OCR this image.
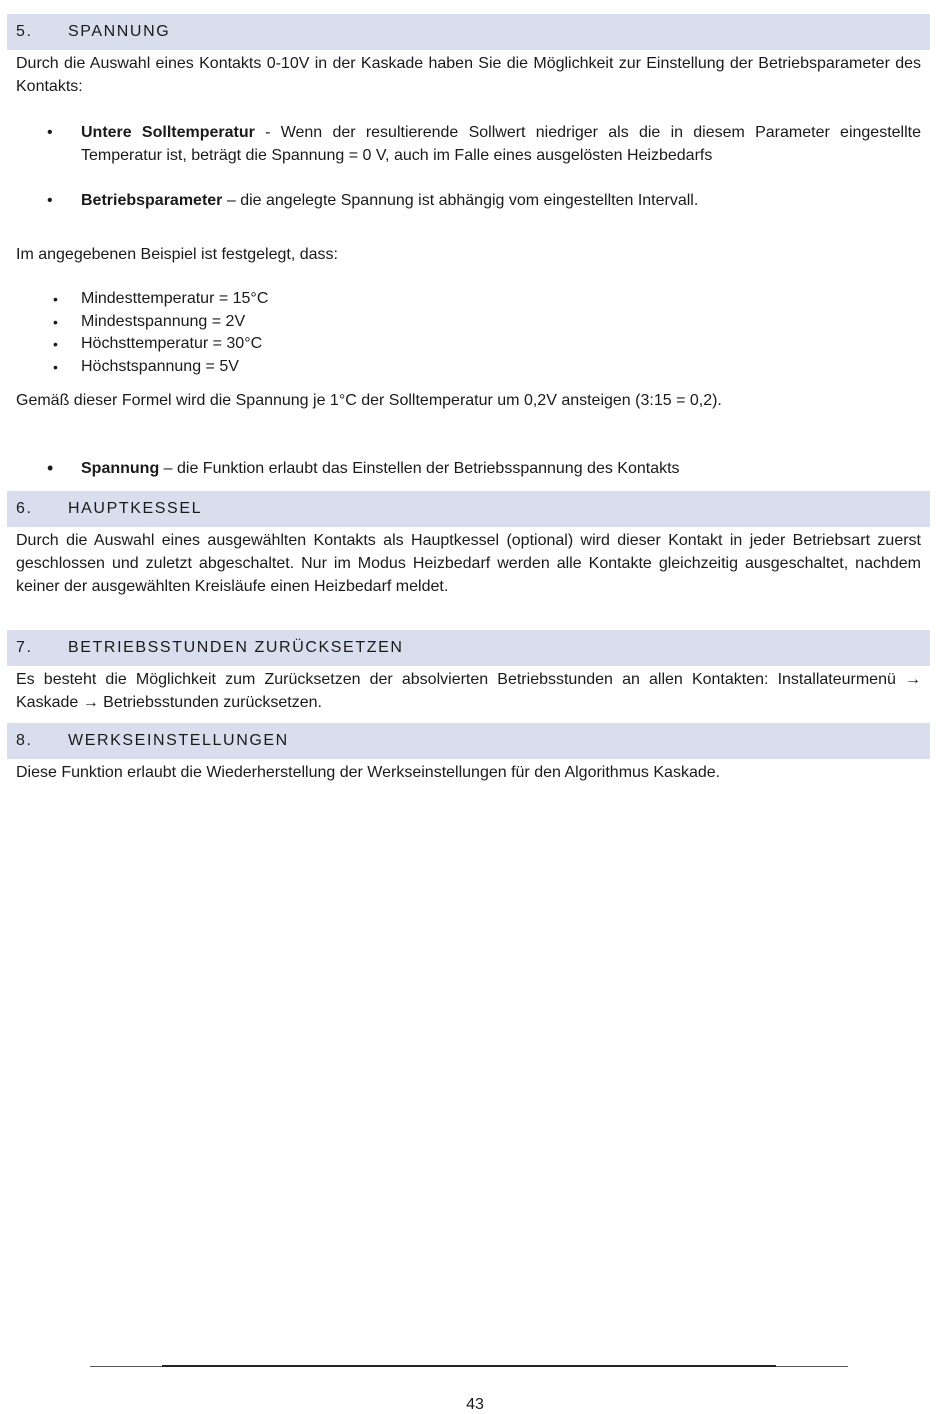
5.	SPANNUNG
Durch die Auswahl eines Kontakts 0-10V in der Kaskade haben Sie die Möglichkeit zur Einstellung der Betriebsparameter des Kontakts:
• Untere Solltemperatur - Wenn der resultierende Sollwert niedriger als die in diesem Parameter eingestellte Temperatur ist, beträgt die Spannung = 0 V, auch im Falle eines ausgelösten Heizbedarfs
• Betriebsparameter – die angelegte Spannung ist abhängig vom eingestellten Intervall.
Im angegebenen Beispiel ist festgelegt, dass:
• Mindesttemperatur = 15°C
• Mindestspannung = 2V
• Höchsttemperatur = 30°C
• Höchstspannung = 5V
Gemäß dieser Formel wird die Spannung je 1°C der Solltemperatur um 0,2V ansteigen (3:15 = 0,2).
• Spannung – die Funktion erlaubt das Einstellen der Betriebsspannung des Kontakts
6.	HAUPTKESSEL
Durch die Auswahl eines ausgewählten Kontakts als Hauptkessel (optional) wird dieser Kontakt in jeder Betriebsart zuerst geschlossen und zuletzt abgeschaltet. Nur im Modus Heizbedarf werden alle Kontakte gleichzeitig ausgeschaltet, nachdem keiner der ausgewählten Kreisläufe einen Heizbedarf meldet.
7.	BETRIEBSSTUNDEN ZURÜCKSETZEN
Es besteht die Möglichkeit zum Zurücksetzen der absolvierten Betriebsstunden an allen Kontakten: Installateurmenü → Kaskade → Betriebsstunden zurücksetzen.
8.	WERKSEINSTELLUNGEN
Diese Funktion erlaubt die Wiederherstellung der Werkseinstellungen für den Algorithmus Kaskade.
43
